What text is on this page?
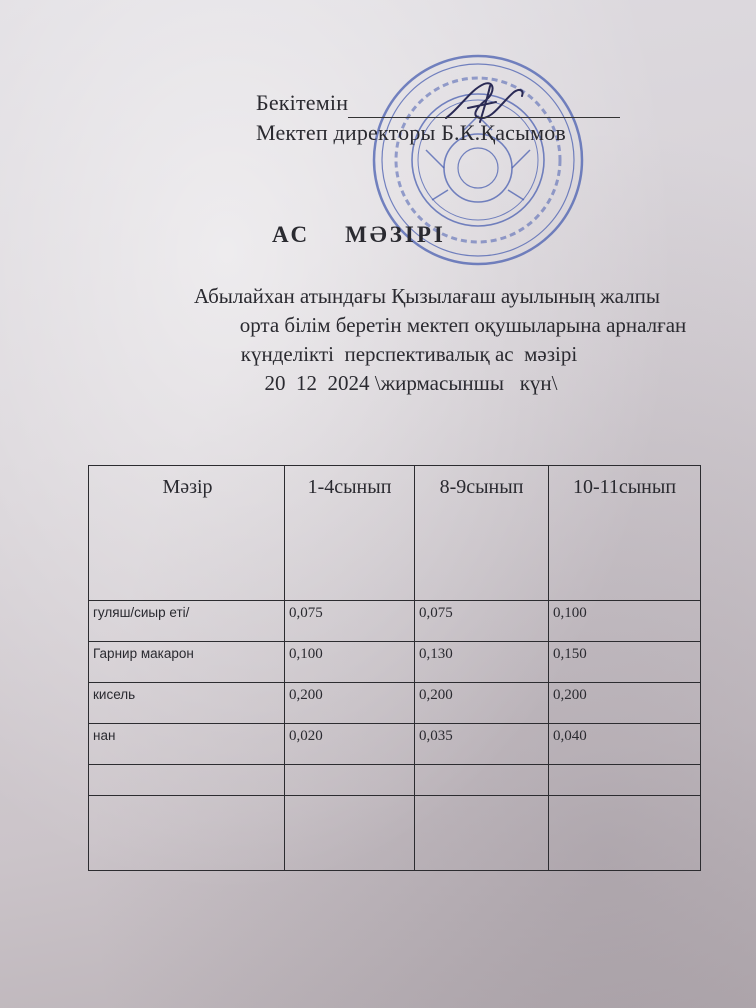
Бекітемін
Мектеп директоры Б.К.Қасымов
АС    МӘЗІРІ
Абылайхан атындағы Қызылағаш ауылының жалпы
орта білім беретін мектеп оқушыларына арналған
күнделікті  перспективалық ас  мәзірі
20  12  2024 \жирмасыншы   күн\
Мәзір	1-4сынып	8-9сынып	10-11сынып
гуляш/сиыр еті/	0,075	0,075	0,100
Гарнир макарон	0,100	0,130	0,150
кисель	0,200	0,200	0,200
нан	0,020	0,035	0,040
